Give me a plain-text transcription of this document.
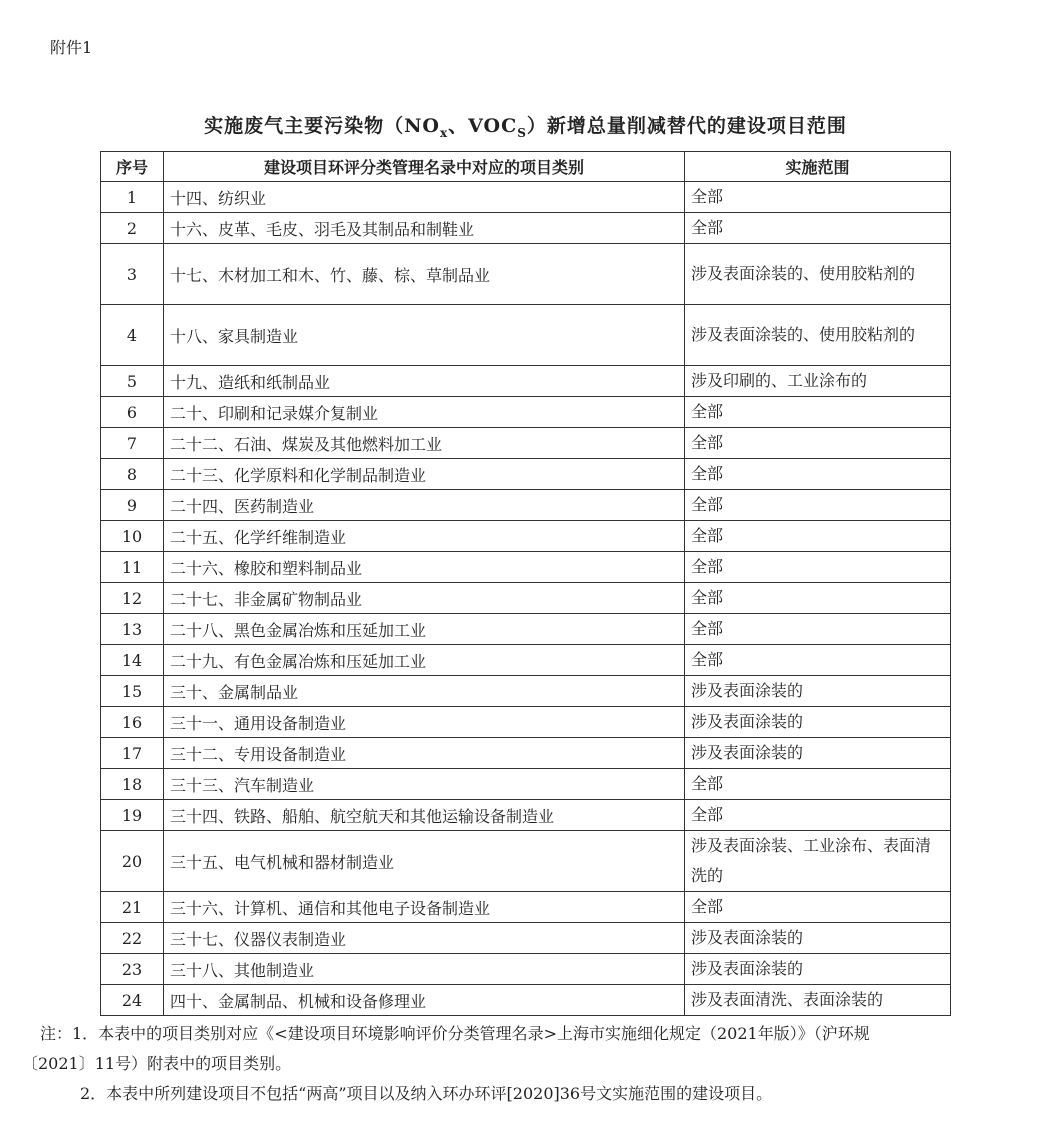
附件1
实施废气主要污染物（$NO_x$、$VOC_S$）新增总量削减替代的建设项目范围
序号	建设项目环评分类管理名录中对应的项目类别	实施范围
1	十四、纺织业	全部
2	十六、皮革、毛皮、羽毛及其制品和制鞋业	全部
3	十七、木材加工和木、竹、藤、棕、草制品业	涉及表面涂装的、使用胶粘剂的
4	十八、家具制造业	涉及表面涂装的、使用胶粘剂的
5	十九、造纸和纸制品业	涉及印刷的、工业涂布的
6	二十、印刷和记录媒介复制业	全部
7	二十二、石油、煤炭及其他燃料加工业	全部
8	二十三、化学原料和化学制品制造业	全部
9	二十四、医药制造业	全部
10	二十五、化学纤维制造业	全部
11	二十六、橡胶和塑料制品业	全部
12	二十七、非金属矿物制品业	全部
13	二十八、黑色金属冶炼和压延加工业	全部
14	二十九、有色金属冶炼和压延加工业	全部
15	三十、金属制品业	涉及表面涂装的
16	三十一、通用设备制造业	涉及表面涂装的
17	三十二、专用设备制造业	涉及表面涂装的
18	三十三、汽车制造业	全部
19	三十四、铁路、船舶、航空航天和其他运输设备制造业	全部
20	三十五、电气机械和器材制造业	涉及表面涂装、工业涂布、表面清洗的
21	三十六、计算机、通信和其他电子设备制造业	全部
22	三十七、仪器仪表制造业	涉及表面涂装的
23	三十八、其他制造业	涉及表面涂装的
24	四十、金属制品、机械和设备修理业	涉及表面清洗、表面涂装的
注：1．本表中的项目类别对应《<建设项目环境影响评价分类管理名录>上海市实施细化规定（2021年版）》（沪环规
〔2021〕11号）附表中的项目类别。
2．本表中所列建设项目不包括“两高”项目以及纳入环办环评[2020]36号文实施范围的建设项目。
